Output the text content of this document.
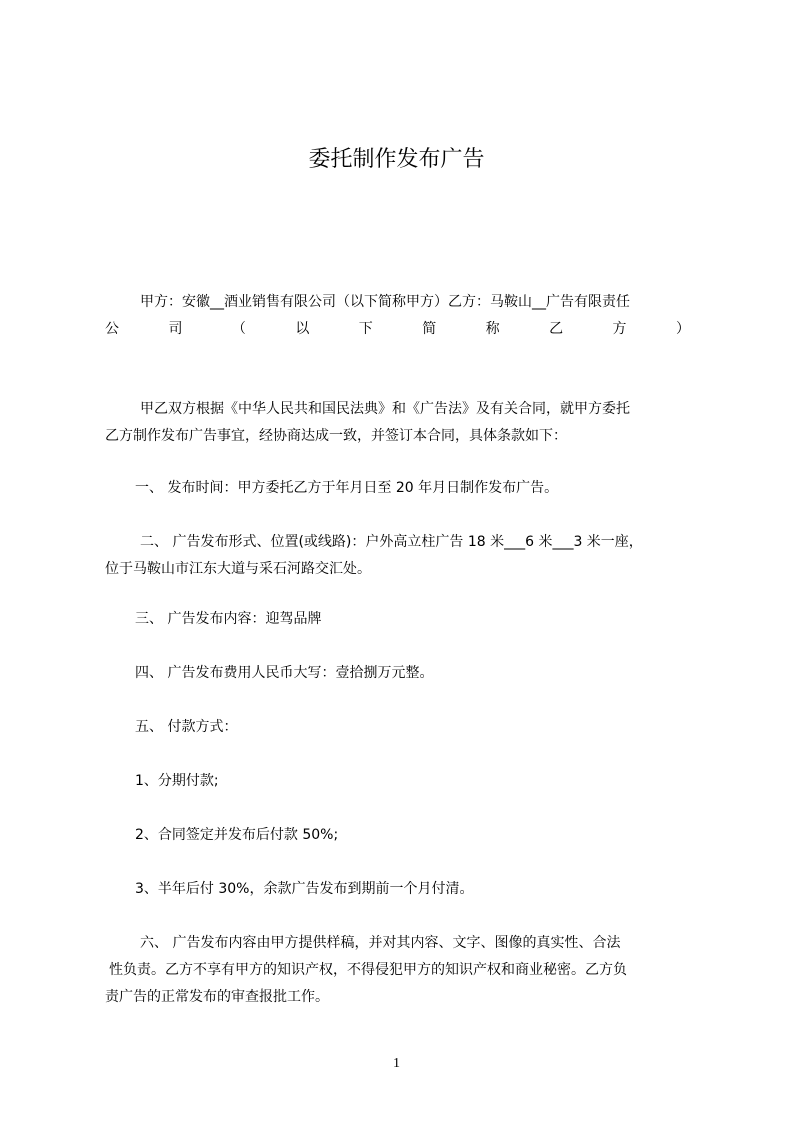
委托制作发布广告
甲方：安徽__酒业销售有限公司（以下简称甲方）乙方：马鞍山__广告有限责任
公	司	（	以	下	简	称	乙	方	）
甲乙双方根据《中华人民共和国民法典》和《广告法》及有关合同，就甲方委托
乙方制作发布广告事宜，经协商达成一致，并签订本合同，具体条款如下：
一、 发布时间：甲方委托乙方于年月日至 20 年月日制作发布广告。
二、 广告发布形式、位置(或线路)：户外高立柱广告 18 米___6 米___3 米一座，
位于马鞍山市江东大道与采石河路交汇处。
三、 广告发布内容：迎驾品牌
四、 广告发布费用人民币大写：壹拾捌万元整。
五、 付款方式：
1、分期付款;
2、合同签定并发布后付款 50%;
3、半年后付 30%，余款广告发布到期前一个月付清。
六、 广告发布内容由甲方提供样稿，并对其内容、文字、图像的真实性、合法
性负责。乙方不享有甲方的知识产权，不得侵犯甲方的知识产权和商业秘密。乙方负
责广告的正常发布的审查报批工作。
1
